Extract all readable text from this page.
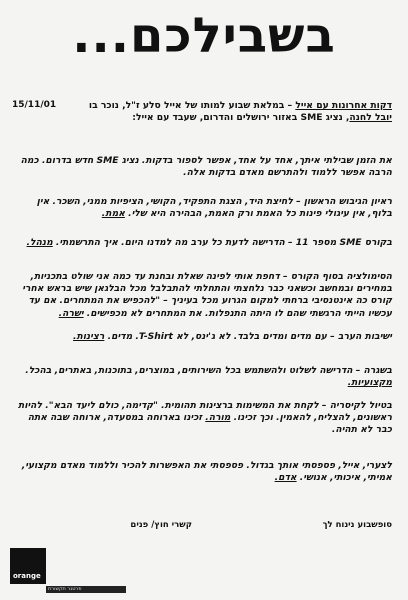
בשבילכם...
15/11/01	דקות אחרונות עם אייל – במלאת שבוע למותו של אייל סלע ז"ל, נוכר בו
יובל לחנה, נציג SME באזור ירושלים והדרום, שעבד עם אייל:
את הזמן שבילתי איתך, אחד על אחד, אפשר לספור בדקות. נציג SME חדש בדרום. כמה הרבה אפשר ללמוד ולהתרשם מאדם בדקות אלה.
ראיון הגיבוש הראשון – לחיצת היד, הצגת התפקיד, הקושי, הציפיות ממני, השכר. אין בלוף, אין עיגולי פינות כל האמת ורק האמת, הבהירה היא שלי. אמת.
בקורס SME מספר 11 – הדרישה לדעת כל ערב מה למדנו היום. איך התרשמתי. מנהל.
הסימולציה בסוף הקורס – דחפת אותי לפינה שאלת ובחנת עד כמה אני שולט בתכניות, במחירים ובמחשב וכשאני כבר נלחצתי והתחלתי להתבלבל מכל הבלגאן שיש בראש אחרי קורס כה אינטנסיבי ברחתי למקום הגרוע מכל בעיניך – "להכפיש את המתחרים. אם עד עכשיו הייתי הרגשתי שהם לו היתה התנפלות. את המתחרים לא מכפישים. ישרה.
ישיבות הערב – עם מדים ומדים בלבד. לא ג'ינס, לא T-Shirt. מדים. רצינות.
בשגרה – הדרישה לשלוט ולהשתמש בכל השירותים, במוצרים, בתוכנות, באתרים, בהכל. מקצועיות.
בטיול לקיסריה – לקחת את המשימות ברצינות תהומית. "קדימה, כולם ליעד הבא". להיות ראשונים, להצליח, להאמין. וכך זכינו. מורה. זכינו בארוחה במסעדה, ארוחה שבה אתה כבר לא תהיה.
לצערי, אייל, פספסתי אותך בגדול. פספסתי את האפשרות להכיר וללמוד מאדם מקצועי, אמיתי, איכותי, אנושי. אדם.
סופשבוע נינוח לך
קשרי חוץ/ פנים
orange
פרטנר תקשורת
